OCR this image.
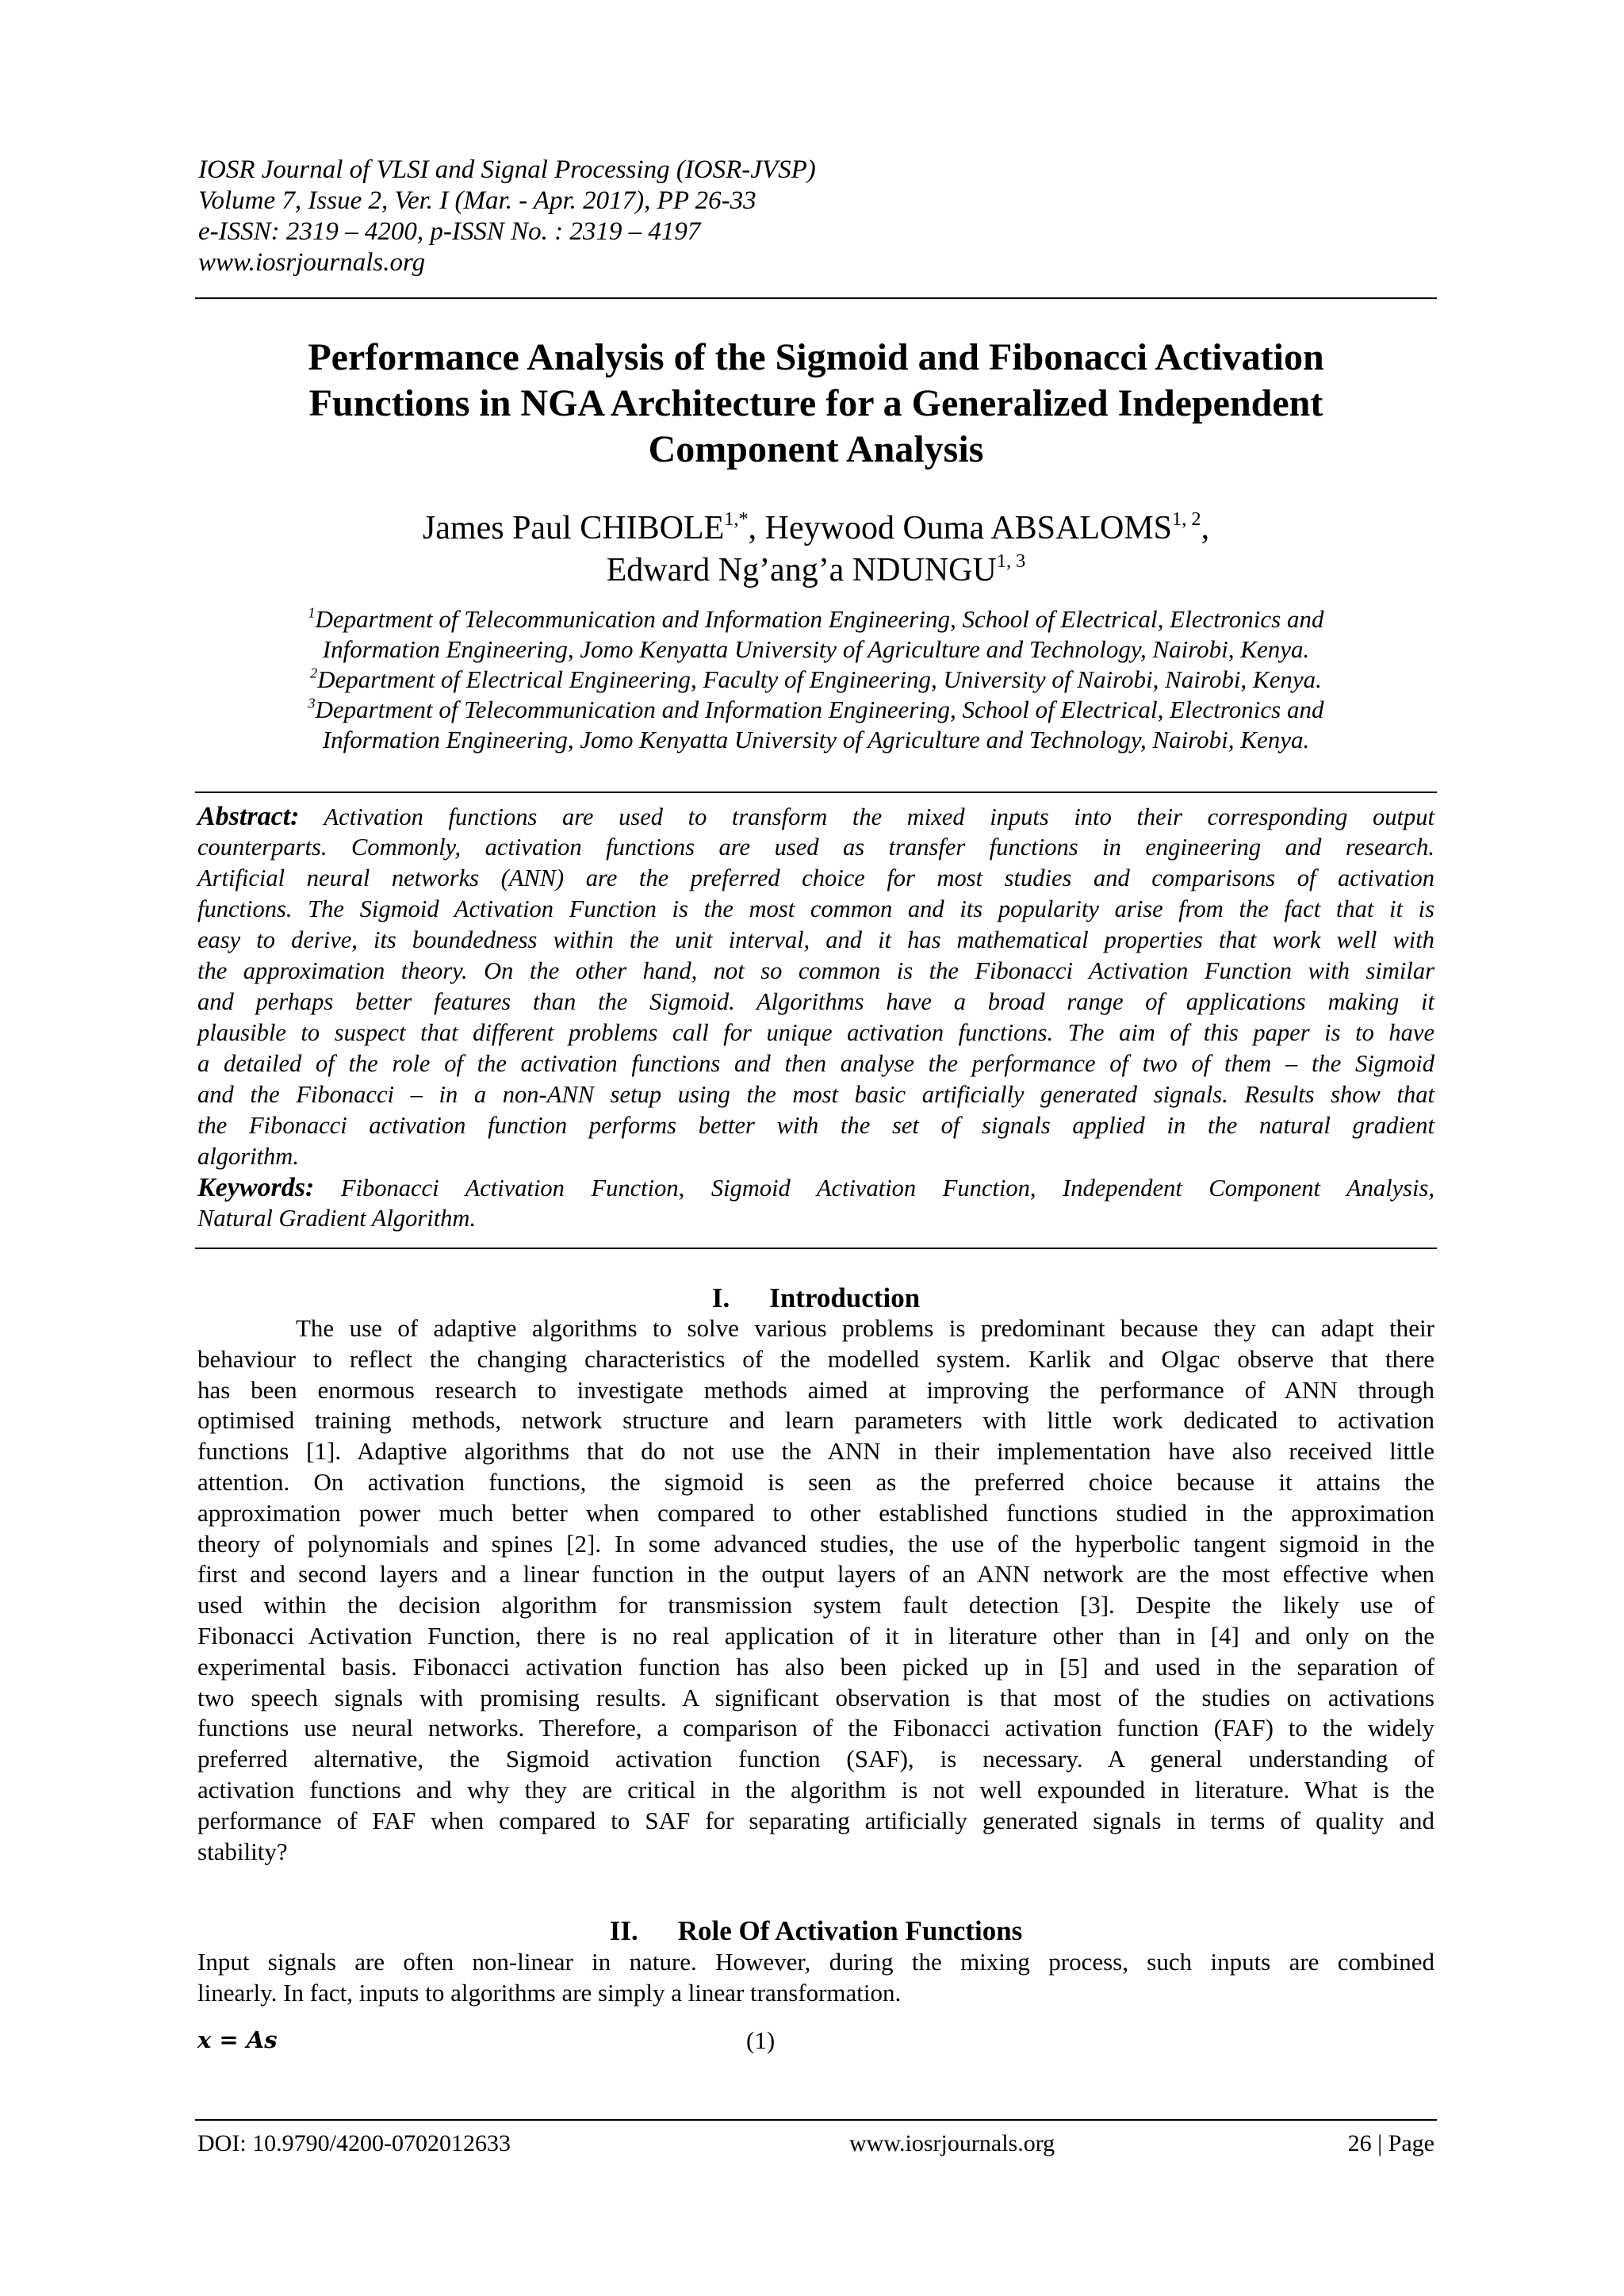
IOSR Journal of VLSI and Signal Processing (IOSR-JVSP)
Volume 7, Issue 2, Ver. I (Mar. - Apr. 2017), PP 26-33
e-ISSN: 2319 – 4200, p-ISSN No. : 2319 – 4197
www.iosrjournals.org
Performance Analysis of the Sigmoid and Fibonacci Activation
Functions in NGA Architecture for a Generalized Independent
Component Analysis
James Paul $CHIBOLE^{1,*}$, Heywood Ouma ABSALOMS$^{1, 2}$,
Edward Ng’ang’a NDUNGU$^{1, 3}$
$^1$Department of Telecommunication and Information Engineering, School of Electrical, Electronics and
Information Engineering, Jomo Kenyatta University of Agriculture and Technology, Nairobi, Kenya.
$^2$Department of Electrical Engineering, Faculty of Engineering, University of Nairobi, Nairobi, Kenya.
$^3$Department of Telecommunication and Information Engineering, School of Electrical, Electronics and
Information Engineering, Jomo Kenyatta University of Agriculture and Technology, Nairobi, Kenya.
Abstract: Activation functions are used to transform the mixed inputs into their corresponding output
counterparts. Commonly, activation functions are used as transfer functions in engineering and research.
Artificial neural networks (ANN) are the preferred choice for most studies and comparisons of activation
functions. The Sigmoid Activation Function is the most common and its popularity arise from the fact that it is
easy to derive, its boundedness within the unit interval, and it has mathematical properties that work well with
the approximation theory. On the other hand, not so common is the Fibonacci Activation Function with similar
and perhaps better features than the Sigmoid. Algorithms have a broad range of applications making it
plausible to suspect that different problems call for unique activation functions. The aim of this paper is to have
a detailed of the role of the activation functions and then analyse the performance of two of them – the Sigmoid
and the Fibonacci – in a non-ANN setup using the most basic artificially generated signals. Results show that
the Fibonacci activation function performs better with the set of signals applied in the natural gradient
algorithm.
Keywords: Fibonacci Activation Function, Sigmoid Activation Function, Independent Component Analysis,
Natural Gradient Algorithm.
I. Introduction
The use of adaptive algorithms to solve various problems is predominant because they can adapt their
behaviour to reflect the changing characteristics of the modelled system. Karlik and Olgac observe that there
has been enormous research to investigate methods aimed at improving the performance of ANN through
optimised training methods, network structure and learn parameters with little work dedicated to activation
functions [1]. Adaptive algorithms that do not use the ANN in their implementation have also received little
attention. On activation functions, the sigmoid is seen as the preferred choice because it attains the
approximation power much better when compared to other established functions studied in the approximation
theory of polynomials and spines [2]. In some advanced studies, the use of the hyperbolic tangent sigmoid in the
first and second layers and a linear function in the output layers of an ANN network are the most effective when
used within the decision algorithm for transmission system fault detection [3]. Despite the likely use of
Fibonacci Activation Function, there is no real application of it in literature other than in [4] and only on the
experimental basis. Fibonacci activation function has also been picked up in [5] and used in the separation of
two speech signals with promising results. A significant observation is that most of the studies on activations
functions use neural networks. Therefore, a comparison of the Fibonacci activation function (FAF) to the widely
preferred alternative, the Sigmoid activation function (SAF), is necessary. A general understanding of
activation functions and why they are critical in the algorithm is not well expounded in literature. What is the
performance of FAF when compared to SAF for separating artificially generated signals in terms of quality and
stability?
II. Role Of Activation Functions
Input signals are often non-linear in nature. However, during the mixing process, such inputs are combined
linearly. In fact, inputs to algorithms are simply a linear transformation.
𝒙 = 𝑨𝒔	(1)
DOI: 10.9790/4200-0702012633	www.iosrjournals.org	26 | Page
